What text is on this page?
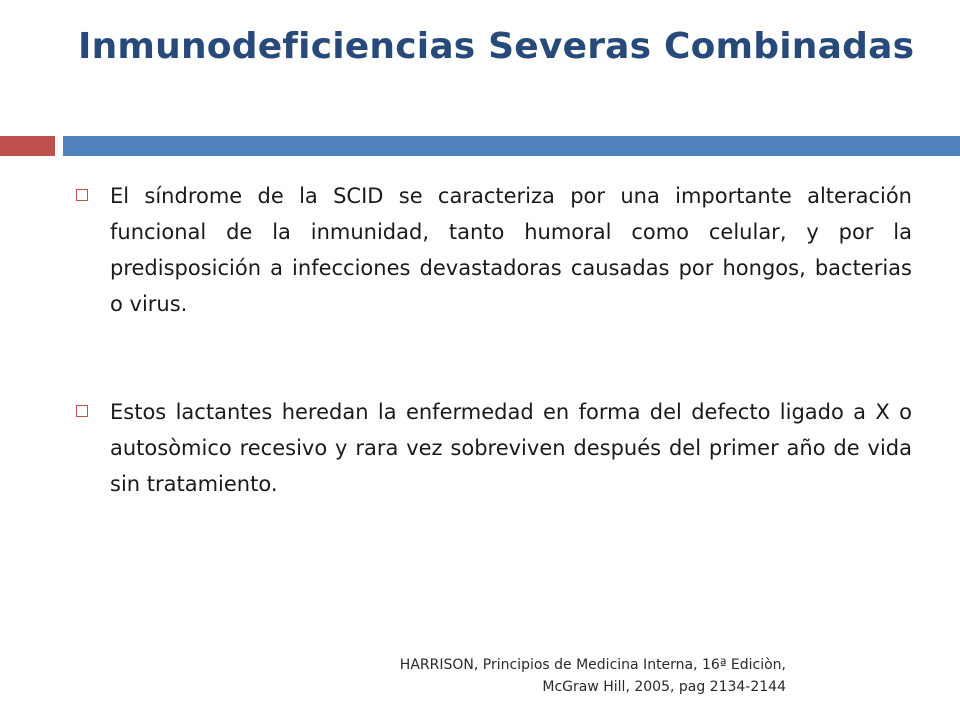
Inmunodeficiencias Severas Combinadas

El síndrome de la SCID se caracteriza por una importante alteración funcional de la inmunidad, tanto humoral como celular, y por la predisposición a infecciones devastadoras causadas por hongos, bacterias o virus.

Estos lactantes heredan la enfermedad en forma del defecto ligado a X o autosòmico recesivo y rara vez sobreviven después del primer año de vida sin tratamiento.

HARRISON, Principios de Medicina Interna, 16ª Ediciòn,
McGraw Hill, 2005, pag 2134-2144
